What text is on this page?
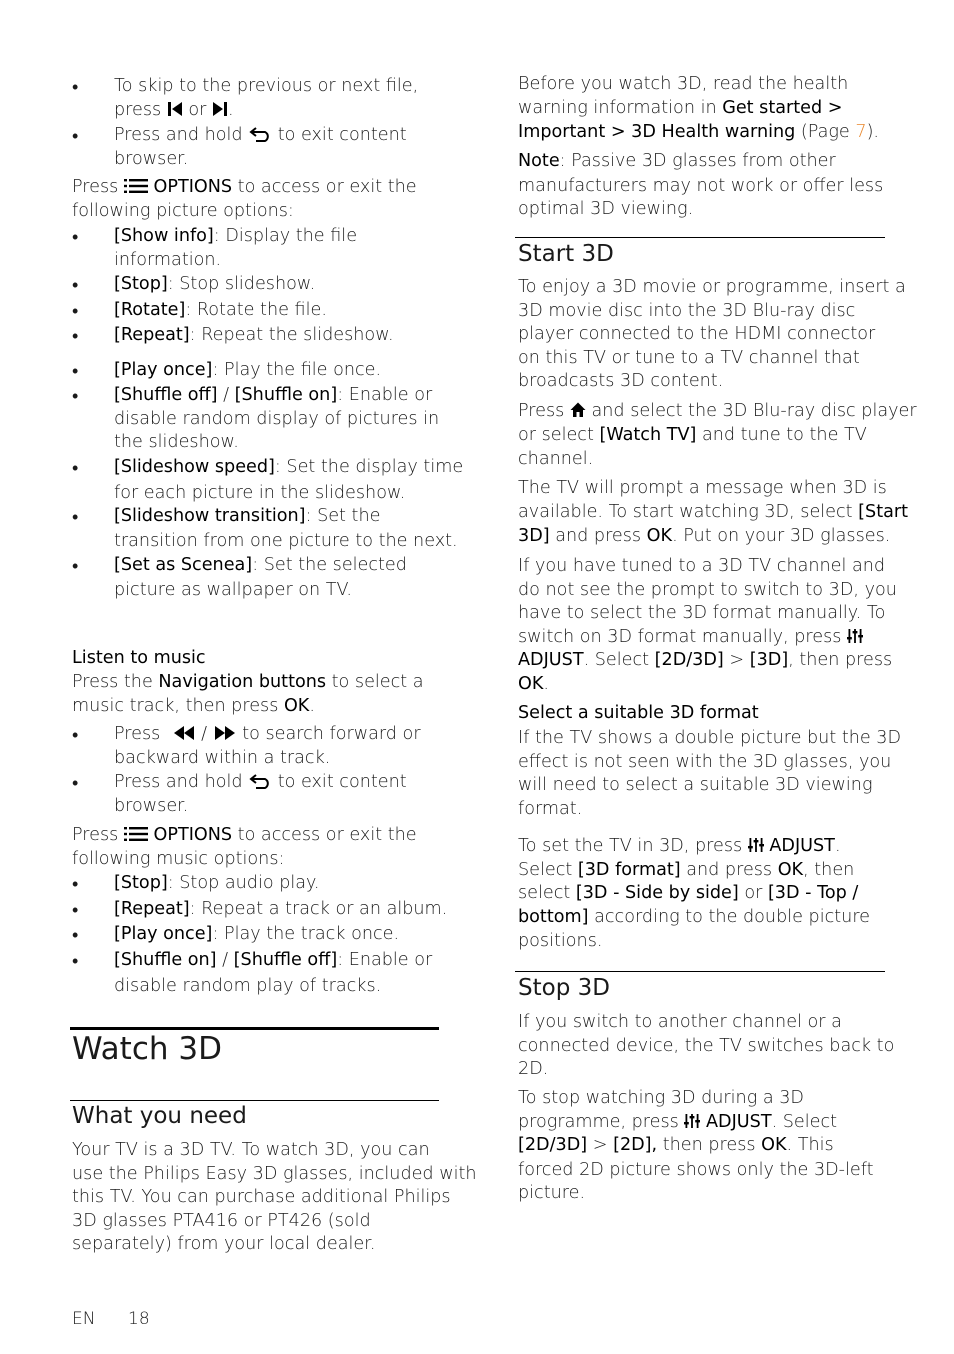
• To skip to the previous or next file,

press or .

• Press and hold to exit content

browser.

Press OPTIONS to access or exit the

following picture options:

• [Show info]: Display the file

information.

• [Stop]: Stop slideshow.

• [Rotate]: Rotate the file.

• [Repeat]: Repeat the slideshow.

• [Play once]: Play the file once.

• [Shuffle off] / [Shuffle on]: Enable or

disable random display of pictures in

the slideshow.

• [Slideshow speed]: Set the display time

for each picture in the slideshow.

• [Slideshow transition]: Set the

transition from one picture to the next.

• [Set as Scenea]: Set the selected

picture as wallpaper on TV.

Listen to music

Press the Navigation buttons to select a

music track, then press OK.

• Press / to search forward or

backward within a track.

• Press and hold to exit content

browser.

Press OPTIONS to access or exit the

following music options:

• [Stop]: Stop audio play.

• [Repeat]: Repeat a track or an album.

• [Play once]: Play the track once.

• [Shuffle on] / [Shuffle off]: Enable or

disable random play of tracks.

Watch 3D
What you need

Your TV is a 3D TV. To watch 3D, you can

use the Philips Easy 3D glasses, included with

this TV. You can purchase additional Philips

3D glasses PTA416 or PT426 (sold

separately) from your local dealer.

Before you watch 3D, read the health

warning information in Get started >

Important > 3D Health warning (Page 7).

Note: Passive 3D glasses from other

manufacturers may not work or offer less

optimal 3D viewing.

Start 3D

To enjoy a 3D movie or programme, insert a

3D movie disc into the 3D Blu-ray disc

player connected to the HDMI connector

on this TV or tune to a TV channel that

broadcasts 3D content.

Press and select the 3D Blu-ray disc player

or select [Watch TV] and tune to the TV

channel.

The TV will prompt a message when 3D is

available. To start watching 3D, select [Start

3D] and press OK. Put on your 3D glasses.

If you have tuned to a 3D TV channel and

do not see the prompt to switch to 3D, you

have to select the 3D format manually. To

switch on 3D format manually, press

ADJUST. Select [2D/3D] > [3D], then press

OK.

Select a suitable 3D format

If the TV shows a double picture but the 3D

effect is not seen with the 3D glasses, you

will need to select a suitable 3D viewing

format.

To set the TV in 3D, press ADJUST.

Select [3D format] and press OK, then

select [3D - Side by side] or [3D - Top /

bottom] according to the double picture

positions.

Stop 3D

If you switch to another channel or a

connected device, the TV switches back to

2D.

To stop watching 3D during a 3D

programme, press ADJUST. Select

[2D/3D] > [2D], then press OK. This

forced 2D picture shows only the 3D-left

picture.

EN 18
